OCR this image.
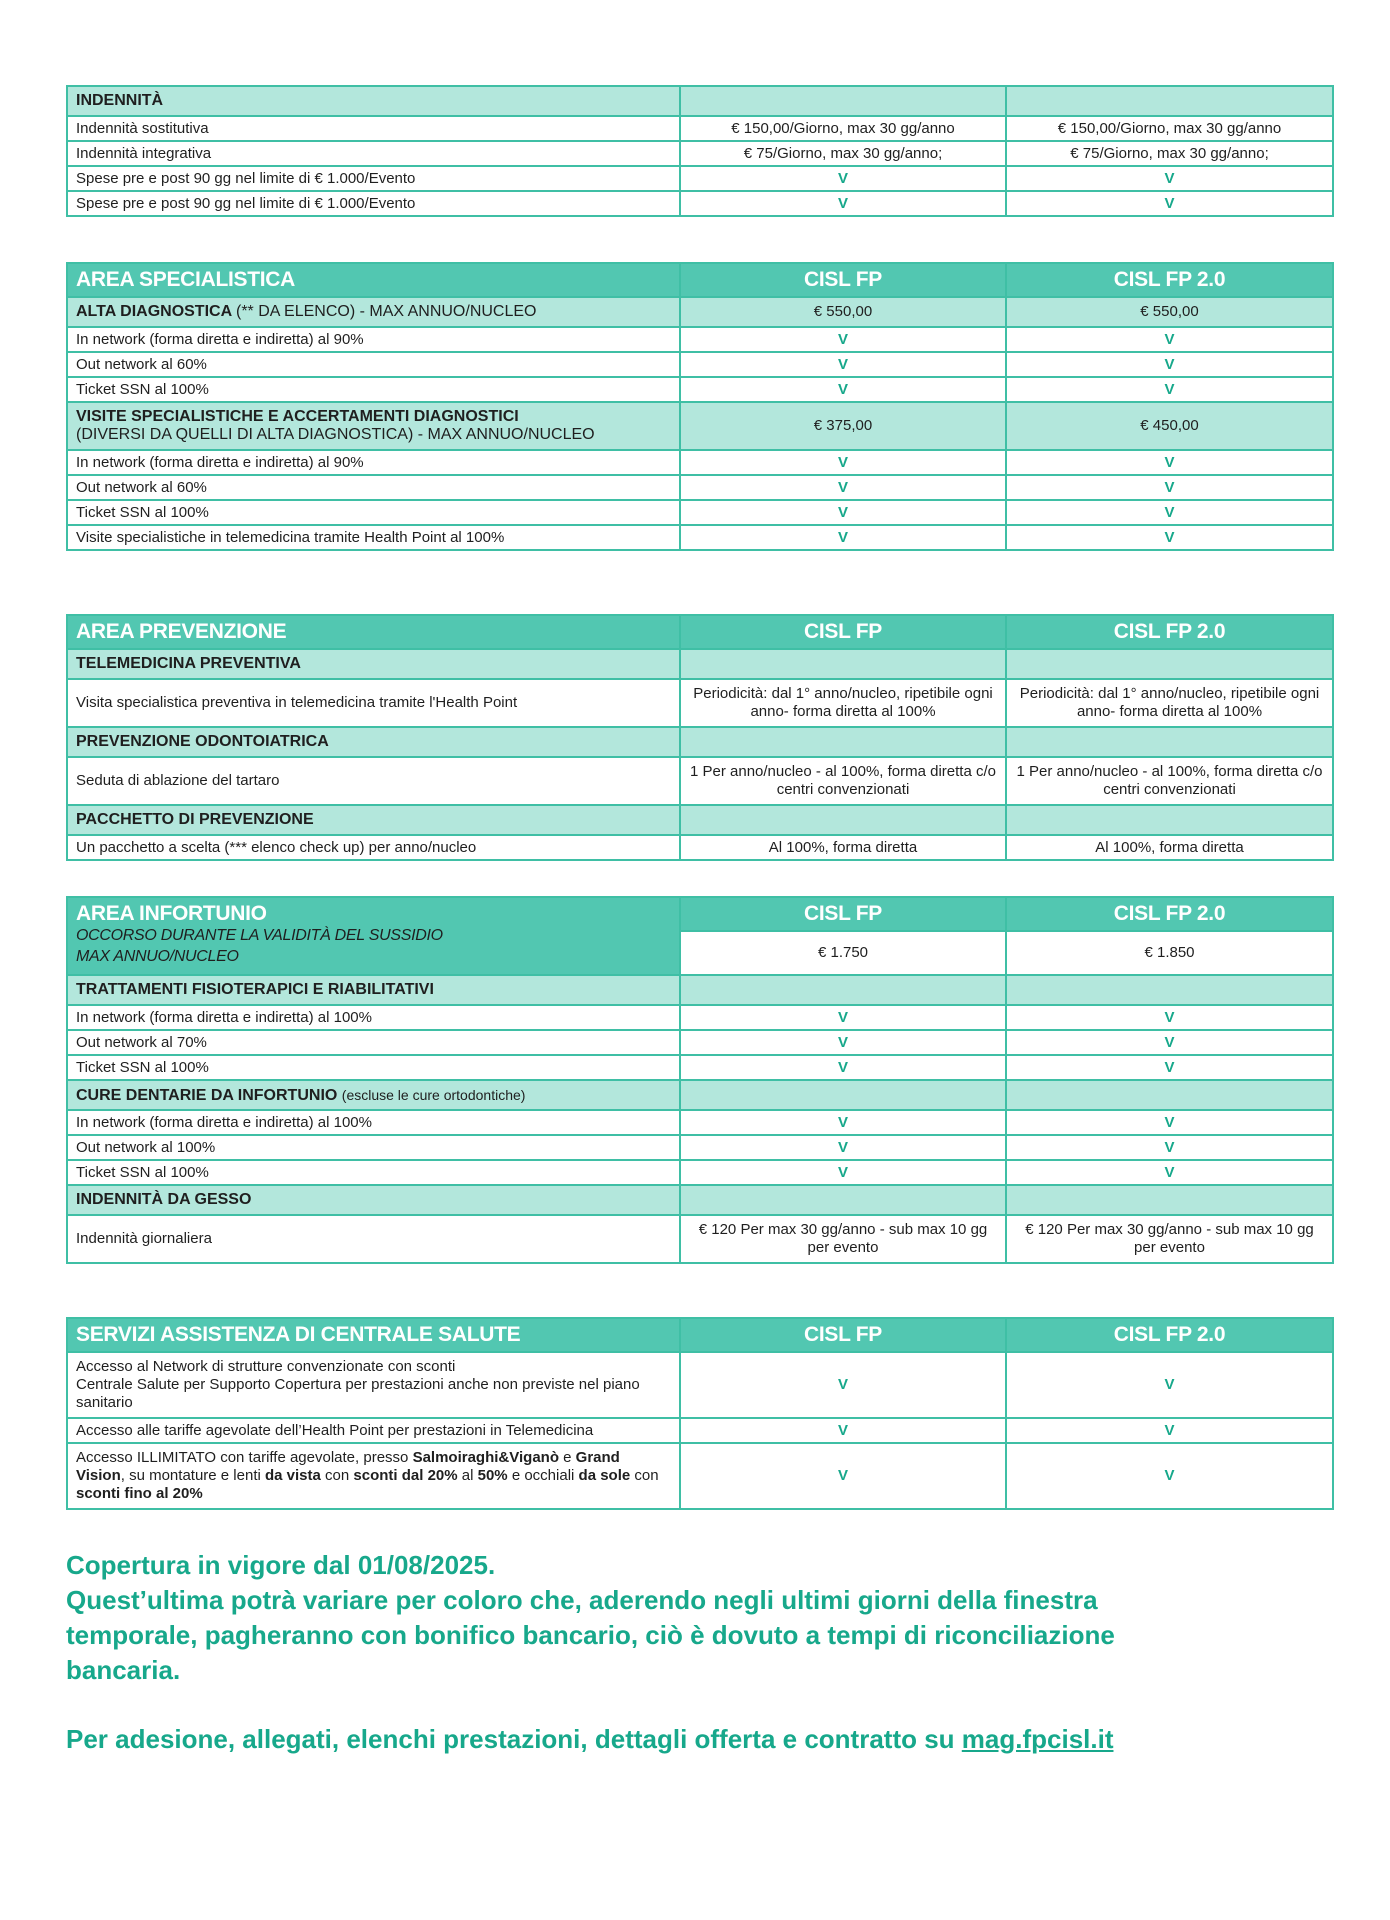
INDENNITÀ		
Indennità sostitutiva	€ 150,00/Giorno, max 30 gg/anno	€ 150,00/Giorno, max 30 gg/anno
Indennità integrativa	€ 75/Giorno, max 30 gg/anno;	€ 75/Giorno, max 30 gg/anno;
Spese pre e post 90 gg nel limite di € 1.000/Evento	V	V
Spese pre e post 90 gg nel limite di € 1.000/Evento	V	V
AREA SPECIALISTICA	CISL FP	CISL FP 2.0
ALTA DIAGNOSTICA (** DA ELENCO) - MAX ANNUO/NUCLEO	€ 550,00	€ 550,00
In network (forma diretta e indiretta) al 90%	V	V
Out network al 60%	V	V
Ticket SSN al 100%	V	V
VISITE SPECIALISTICHE E ACCERTAMENTI DIAGNOSTICI
(DIVERSI DA QUELLI DI ALTA DIAGNOSTICA) - MAX ANNUO/NUCLEO	€ 375,00	€ 450,00
In network (forma diretta e indiretta) al 90%	V	V
Out network al 60%	V	V
Ticket SSN al 100%	V	V
Visite specialistiche in telemedicina tramite Health Point al 100%	V	V
AREA PREVENZIONE	CISL FP	CISL FP 2.0
TELEMEDICINA PREVENTIVA		
Visita specialistica preventiva in telemedicina tramite l'Health Point	Periodicità: dal 1° anno/nucleo, ripetibile ogni anno- forma diretta al 100%	Periodicità: dal 1° anno/nucleo, ripetibile ogni anno- forma diretta al 100%
PREVENZIONE ODONTOIATRICA		
Seduta di ablazione del tartaro	1 Per anno/nucleo - al 100%, forma diretta c/o centri convenzionati	1 Per anno/nucleo - al 100%, forma diretta c/o centri convenzionati
PACCHETTO DI PREVENZIONE		
Un pacchetto a scelta (*** elenco check up) per anno/nucleo	Al 100%, forma diretta	Al 100%, forma diretta
AREA INFORTUNIO
OCCORSO DURANTE LA VALIDITÀ DEL SUSSIDIO
MAX ANNUO/NUCLEO	CISL FP	CISL FP 2.0
	€ 1.750	€ 1.850
TRATTAMENTI FISIOTERAPICI E RIABILITATIVI		
In network (forma diretta e indiretta) al 100%	V	V
Out network al 70%	V	V
Ticket SSN al 100%	V	V
CURE DENTARIE DA INFORTUNIO (escluse le cure ortodontiche)		
In network (forma diretta e indiretta) al 100%	V	V
Out network al 100%	V	V
Ticket SSN al 100%	V	V
INDENNITÀ DA GESSO		
Indennità giornaliera	€ 120 Per max 30 gg/anno - sub max 10 gg per evento	€ 120 Per max 30 gg/anno - sub max 10 gg per evento
SERVIZI ASSISTENZA DI CENTRALE SALUTE	CISL FP	CISL FP 2.0
Accesso al Network di strutture convenzionate con sconti
Centrale Salute per Supporto Copertura per prestazioni anche non previste nel piano sanitario	V	V
Accesso alle tariffe agevolate dell’Health Point per prestazioni in Telemedicina	V	V
Accesso ILLIMITATO con tariffe agevolate, presso Salmoiraghi&Viganò e Grand Vision, su montature e lenti da vista con sconti dal 20% al 50% e occhiali da sole con sconti fino al 20%	V	V

Copertura in vigore dal 01/08/2025.

Quest’ultima potrà variare per coloro che, aderendo negli ultimi giorni della finestra temporale, pagheranno con bonifico bancario, ciò è dovuto a tempi di riconciliazione bancaria.

Per adesione, allegati, elenchi prestazioni, dettagli offerta e contratto su mag.fpcisl.it
